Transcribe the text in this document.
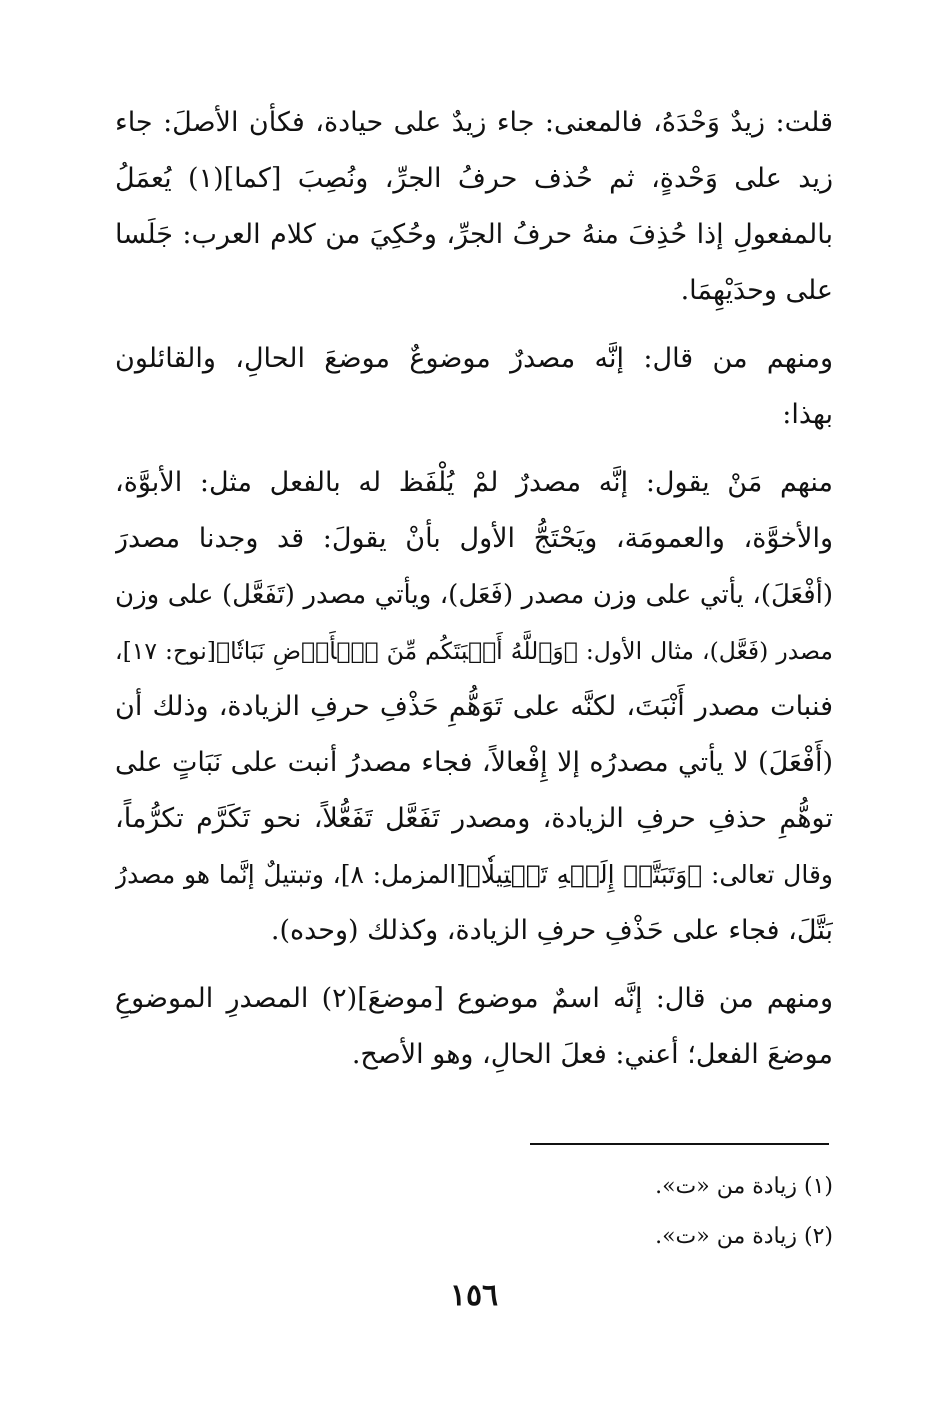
قلت: زيدٌ وَحْدَهُ، فالمعنى: جاء زيدٌ على حيادة، فكأن الأصلَ: جاء
زيد على وَحْدةٍ، ثم حُذف حرفُ الجرِّ، ونُصِبَ [كما](١) يُعمَلُ
بالمفعولِ إذا حُذِفَ منهُ حرفُ الجرِّ، وحُكِيَ من كلام العرب: جَلَسا
على وحدَيْهِمَا.
ومنهم من قال: إنَّه مصدرٌ موضوعٌ موضعَ الحالِ، والقائلون
بهذا:
منهم مَنْ يقول: إنَّه مصدرٌ لمْ يُلْفَظ له بالفعل مثل: الأبوَّة،
والأخوَّة، والعمومَة، ويَحْتَجُّ الأول بأنْ يقولَ: قد وجدنا مصدرَ
(أفْعَلَ)، يأتي على وزن مصدر (فَعَل)، ويأتي مصدر (تَفَعَّل) على وزن
مصدر (فَعَّل)، مثال الأول: ﴿وَٱللَّهُ أَنۢبَتَكُم مِّنَ ٱلۡأَرۡضِ نَبَاتٗا﴾[نوح: ١٧]،
فنبات مصدر أَنْبَتَ، لكنَّه على تَوَهُّمِ حَذْفِ حرفِ الزيادة، وذلك أن
(أَفْعَلَ) لا يأتي مصدرُه إلا إِفْعالاً، فجاء مصدرُ أنبت على نَبَاتٍ على
توهُّمِ حذفِ حرفِ الزيادة، ومصدر تَفَعَّل تَفَعُّلاً، نحو تَكَرَّم تكرُّماً،
وقال تعالى: ﴿وَتَبَتَّلۡ إِلَيۡهِ تَبۡتِيلٗا﴾[المزمل: ٨]، وتبتيلٌ إنَّما هو مصدرُ
بَتَّلَ، فجاء على حَذْفِ حرفِ الزيادة، وكذلك (وحده).
ومنهم من قال: إنَّه اسمٌ موضوع [موضعَ](٢) المصدرِ الموضوعِ
موضعَ الفعل؛ أعني: فعلَ الحالِ، وهو الأصح.
(١) زيادة من «ت».
(٢) زيادة من «ت».
١٥٦
